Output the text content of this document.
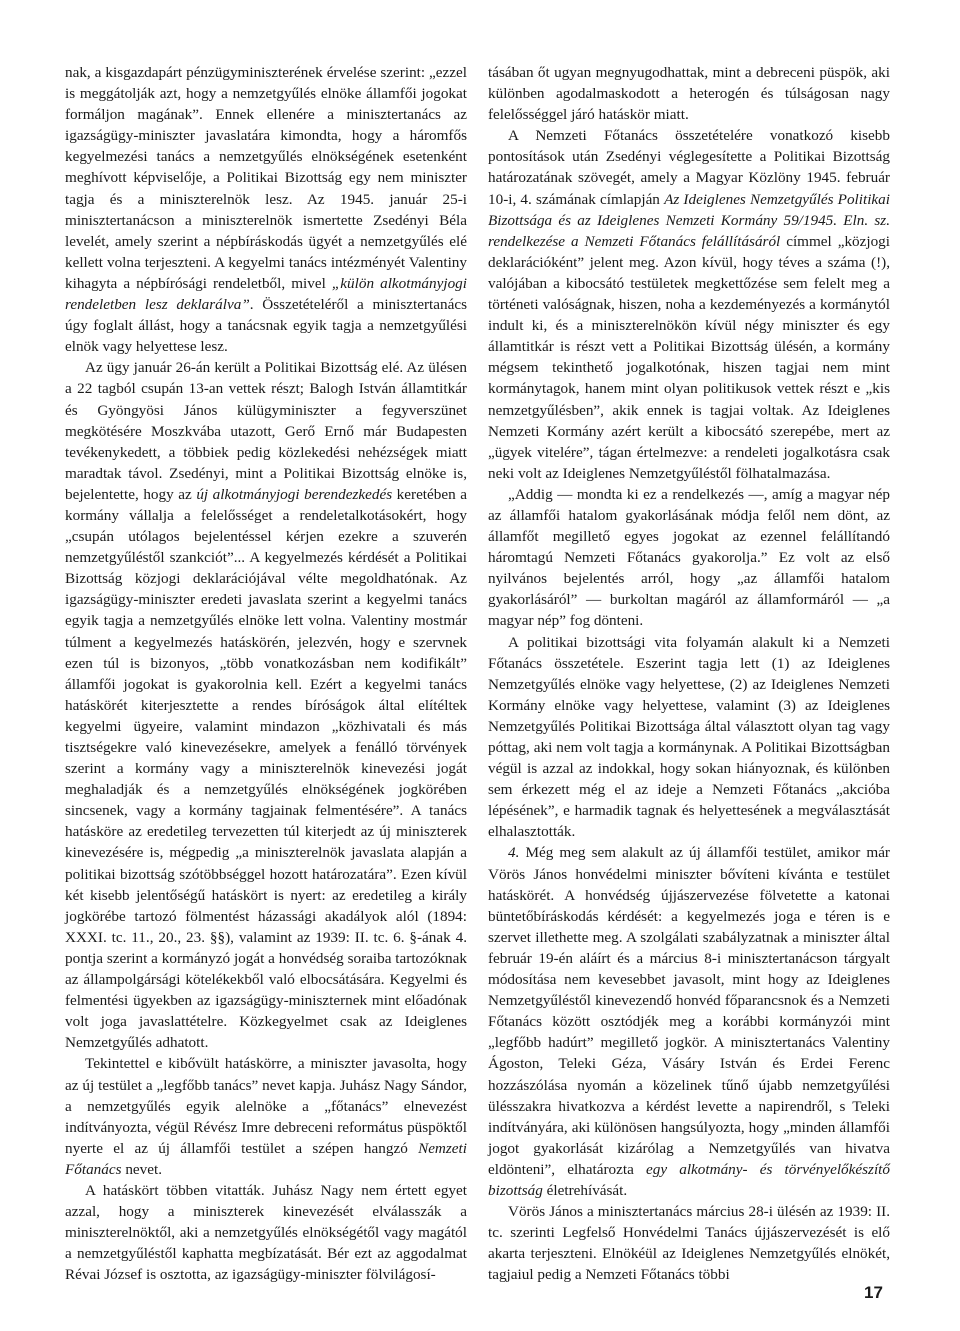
nak, a kisgazdapárt pénzügyminiszterének érvelése szerint: „ezzel is meggátolják azt, hogy a nemzetgyűlés elnöke államfői jogokat formáljon magának”. Ennek ellenére a minisztertanács az igazságügy-miniszter javaslatára kimondta, hogy a háromfős kegyelmezési tanács a nemzetgyűlés elnökségének esetenként meghívott képviselője, a Politikai Bizottság egy nem miniszter tagja és a miniszterelnök lesz. Az 1945. január 25-i minisztertanácson a miniszterelnök ismertette Zsedényi Béla levelét, amely szerint a népbíráskodás ügyét a nemzetgyűlés elé kellett volna terjeszteni. A kegyelmi tanács intézményét Valentiny kihagyta a népbírósági rendeletből, mivel „külön alkotmányjogi rendeletben lesz deklarálva”. Összetételéről a minisztertanács úgy foglalt állást, hogy a tanácsnak egyik tagja a nemzetgyűlési elnök vagy helyettese lesz.

Az ügy január 26-án került a Politikai Bizottság elé. Az ülésen a 22 tagból csupán 13-an vettek részt; Balogh István államtitkár és Gyöngyösi János külügyminiszter a fegyverszünet megkötésére Moszkvába utazott, Gerő Ernő már Budapesten tevékenykedett, a többiek pedig közlekedési nehézségek miatt maradtak távol. Zsedényi, mint a Politikai Bizottság elnöke is, bejelentette, hogy az új alkotmányjogi berendezkedés keretében a kormány vállalja a felelősséget a rendeletalkotásokért, hogy „csupán utólagos bejelentéssel kérjen ezekre a szuverén nemzetgyűléstől szankciót”... A kegyelmezés kérdését a Politikai Bizottság közjogi deklarációjával vélte megoldhatónak. Az igazságügy-miniszter eredeti javaslata szerint a kegyelmi tanács egyik tagja a nemzetgyűlés elnöke lett volna. Valentiny mostmár túlment a kegyelmezés hatáskörén, jelezvén, hogy e szervnek ezen túl is bizonyos, „több vonatkozásban nem kodifikált” államfői jogokat is gyakorolnia kell. Ezért a kegyelmi tanács hatáskörét kiterjesztette a rendes bíróságok által elítéltek kegyelmi ügyeire, valamint mindazon „közhivatali és más tisztségekre való kinevezésekre, amelyek a fenálló törvények szerint a kormány vagy a miniszterelnök kinevezési jogát meghaladják és a nemzetgyűlés elnökségének jogkörében sincsenek, vagy a kormány tagjainak felmentésére”. A tanács hatásköre az eredetileg tervezetten túl kiterjedt az új miniszterek kinevezésére is, mégpedig „a miniszterelnök javaslata alapján a politikai bizottság szótöbbséggel hozott határozatára”. Ezen kívül két kisebb jelentőségű hatáskört is nyert: az eredetileg a király jogkörébe tartozó fölmentést házassági akadályok alól (1894: XXXI. tc. 11., 20., 23. §§), valamint az 1939: II. tc. 6. §-ának 4. pontja szerint a kormányzó jogát a honvédség soraiba tartozóknak az állampolgársági kötelékekből való elbocsátására. Kegyelmi és felmentési ügyekben az igazságügy-miniszternek mint előadónak volt joga javaslattételre. Közkegyelmet csak az Ideiglenes Nemzetgyűlés adhatott.

Tekintettel e kibővült hatáskörre, a miniszter javasolta, hogy az új testület a „legfőbb tanács” nevet kapja. Juhász Nagy Sándor, a nemzetgyűlés egyik alelnöke a „főtanács” elnevezést indítványozta, végül Révész Imre debreceni református püspöktől nyerte el az új államfői testület a szépen hangzó Nemzeti Főtanács nevet.

A hatáskört többen vitatták. Juhász Nagy nem értett egyet azzal, hogy a miniszterek kinevezését elválasszák a miniszterelnöktől, aki a nemzetgyűlés elnökségétől vagy magától a nemzetgyűléstől kaphatta megbízatását. Bér ezt az aggodalmat Révai József is osztotta, az igazságügy-miniszter fölvilágosí-

tásában őt ugyan megnyugodhattak, mint a debreceni püspök, aki különben agodalmaskodott a heterogén és túlságosan nagy felelősséggel járó hatáskör miatt.

A Nemzeti Főtanács összetételére vonatkozó kisebb pontosítások után Zsedényi véglegesítette a Politikai Bizottság határozatának szövegét, amely a Magyar Közlöny 1945. február 10-i, 4. számának címlapján Az Ideiglenes Nemzetgyűlés Politikai Bizottsága és az Ideiglenes Nemzeti Kormány 59/1945. Eln. sz. rendelkezése a Nemzeti Főtanács felállításáról címmel „közjogi deklarációként” jelent meg. Azon kívül, hogy téves a száma (!), valójában a kibocsátó testületek megkettőzése sem felelt meg a történeti valóságnak, hiszen, noha a kezdeményezés a kormánytól indult ki, és a miniszterelnökön kívül négy miniszter és egy államtitkár is részt vett a Politikai Bizottság ülésén, a kormány mégsem tekinthető jogalkotónak, hiszen tagjai nem mint kormánytagok, hanem mint olyan politikusok vettek részt e „kis nemzetgyűlésben”, akik ennek is tagjai voltak. Az Ideiglenes Nemzeti Kormány azért került a kibocsátó szerepébe, mert az „ügyek vitelére”, tágan értelmezve: a rendeleti jogalkotásra csak neki volt az Ideiglenes Nemzetgyűléstől fölhatalmazása.

„Addig — mondta ki ez a rendelkezés —, amíg a magyar nép az államfői hatalom gyakorlásának módja felől nem dönt, az államfőt megillető egyes jogokat az ezennel felállítandó háromtagú Nemzeti Főtanács gyakorolja.” Ez volt az első nyilvános bejelentés arról, hogy „az államfői hatalom gyakorlásáról” — burkoltan magáról az államformáról — „a magyar nép” fog dönteni.

A politikai bizottsági vita folyamán alakult ki a Nemzeti Főtanács összetétele. Eszerint tagja lett (1) az Ideiglenes Nemzetgyűlés elnöke vagy helyettese, (2) az Ideiglenes Nemzeti Kormány elnöke vagy helyettese, valamint (3) az Ideiglenes Nemzetgyűlés Politikai Bizottsága által választott olyan tag vagy póttag, aki nem volt tagja a kormánynak. A Politikai Bizottságban végül is azzal az indokkal, hogy sokan hiányoznak, és különben sem érkezett még el az ideje a Nemzeti Főtanács „akcióba lépésének”, e harmadik tagnak és helyettesének a megválasztását elhalasztották.

4. Még meg sem alakult az új államfői testület, amikor már Vörös János honvédelmi miniszter bővíteni kívánta e testület hatáskörét. A honvédség újjászervezése fölvetette a katonai büntetőbíráskodás kérdését: a kegyelmezés joga e téren is e szervet illethette meg. A szolgálati szabályzatnak a miniszter által február 19-én aláírt és a március 8-i minisztertanácson tárgyalt módosítása nem kevesebbet javasolt, mint hogy az Ideiglenes Nemzetgyűléstől kinevezendő honvéd főparancsnok és a Nemzeti Főtanács között osztódjék meg a korábbi kormányzói mint „legfőbb hadúrt” megillető jogkör. A minisztertanács Valentiny Ágoston, Teleki Géza, Vásáry István és Erdei Ferenc hozzászólása nyomán a közelinek tűnő újabb nemzetgyűlési ülésszakra hivatkozva a kérdést levette a napirendről, s Teleki indítványára, aki különösen hangsúlyozta, hogy „minden államfői jogot gyakorlását kizárólag a Nemzetgyűlés van hivatva eldönteni”, elhatározta egy alkotmány- és törvényelőkészítő bizottság életrehívását.

Vörös János a minisztertanács március 28-i ülésén az 1939: II. tc. szerinti Legfelső Honvédelmi Tanács újjászervezését is elő akarta terjeszteni. Elnökéül az Ideiglenes Nemzetgyűlés elnökét, tagjaiul pedig a Nemzeti Főtanács többi

17
